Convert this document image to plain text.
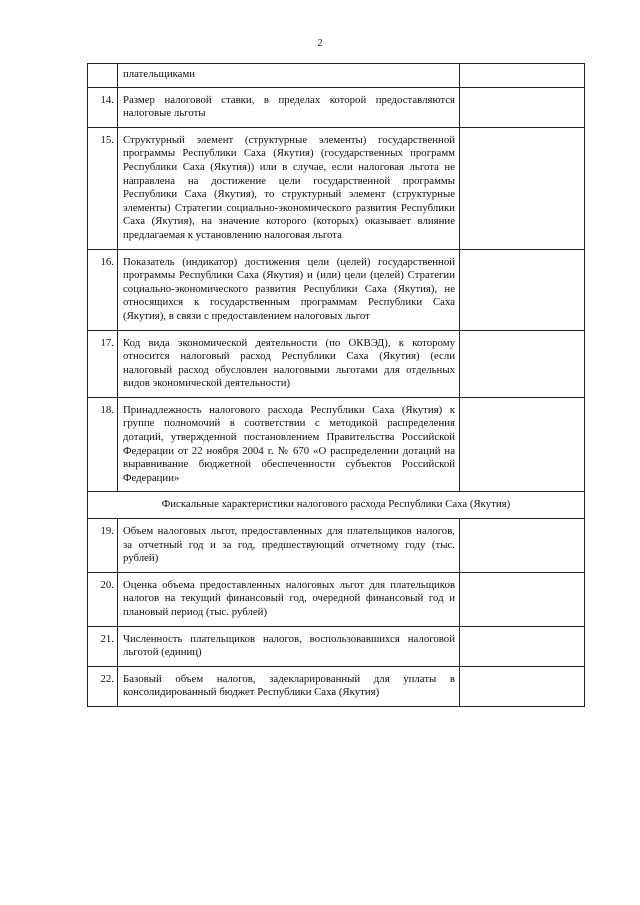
2
	плательщиками	
14.	Размер налоговой ставки, в пределах которой предоставляются налоговые льготы	
15.	Структурный элемент (структурные элементы) государственной программы Республики Саха (Якутия) (государственных программ Республики Саха (Якутия)) или в случае, если налоговая льгота не направлена на достижение цели государственной программы Республики Саха (Якутия), то структурный элемент (структурные элементы) Стратегии социально-экономического развития Республики Саха (Якутия), на значение которого (которых) оказывает влияние предлагаемая к установлению налоговая льгота	
16.	Показатель (индикатор) достижения цели (целей) государственной программы Республики Саха (Якутия) и (или) цели (целей) Стратегии социально-экономического развития Республики Саха (Якутия), не относящихся к государственным программам Республики Саха (Якутия), в связи с предоставлением налоговых льгот	
17.	Код вида экономической деятельности (по ОКВЭД), к которому относится налоговый расход Республики Саха (Якутия) (если налоговый расход обусловлен налоговыми льготами для отдельных видов экономической деятельности)	
18.	Принадлежность налогового расхода Республики Саха (Якутия) к группе полномочий в соответствии с методикой распределения дотаций, утвержденной постановлением Правительства Российской Федерации от 22 ноября 2004 г. № 670 «О распределении дотаций на выравнивание бюджетной обеспеченности субъектов Российской Федерации»	
Фискальные характеристики налогового расхода Республики Саха (Якутия)		
19.	Объем налоговых льгот, предоставленных для плательщиков налогов, за отчетный год и за год, предшествующий отчетному году (тыс. рублей)	
20.	Оценка объема предоставленных налоговых льгот для плательщиков налогов на текущий финансовый год, очередной финансовый год и плановый период (тыс. рублей)	
21.	Численность плательщиков налогов, воспользовавшихся налоговой льготой (единиц)	
22.	Базовый объем налогов, задекларированный для уплаты в консолидированный бюджет Республики Саха (Якутия)	
